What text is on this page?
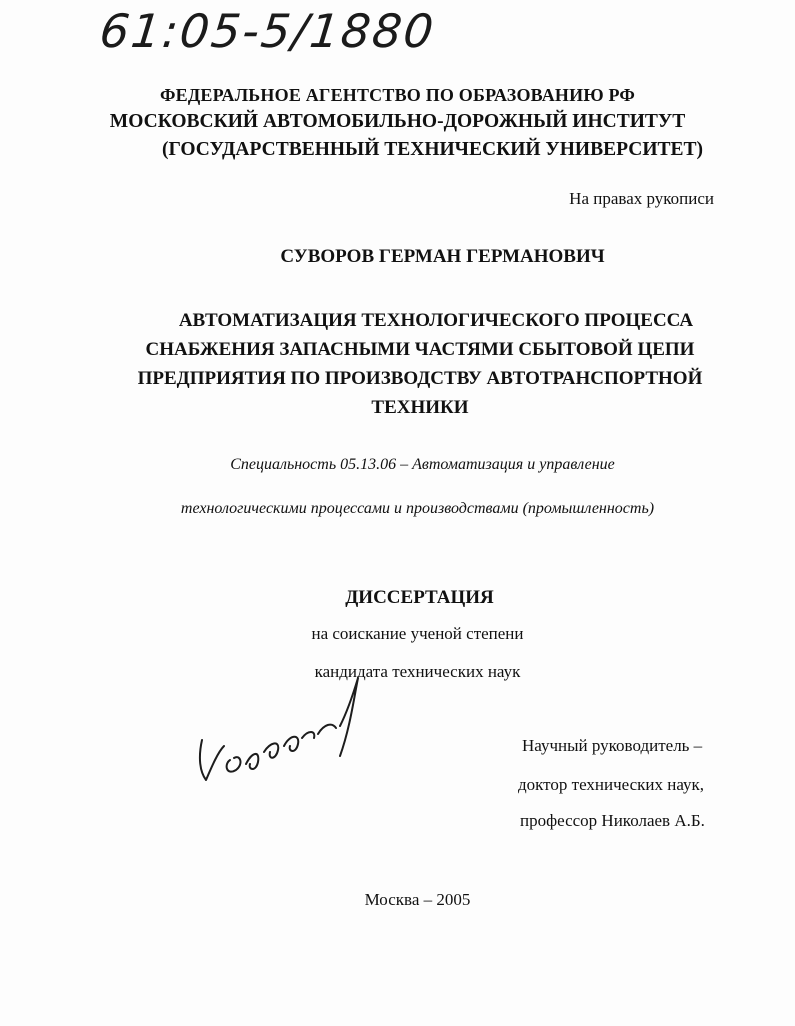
61:05-5/1880
ФЕДЕРАЛЬНОЕ АГЕНТСТВО ПО ОБРАЗОВАНИЮ РФ
МОСКОВСКИЙ АВТОМОБИЛЬНО-ДОРОЖНЫЙ ИНСТИТУТ
(ГОСУДАРСТВЕННЫЙ ТЕХНИЧЕСКИЙ УНИВЕРСИТЕТ)
На правах рукописи
СУВОРОВ ГЕРМАН ГЕРМАНОВИЧ
АВТОМАТИЗАЦИЯ ТЕХНОЛОГИЧЕСКОГО ПРОЦЕССА
СНАБЖЕНИЯ ЗАПАСНЫМИ ЧАСТЯМИ СБЫТОВОЙ ЦЕПИ
ПРЕДПРИЯТИЯ ПО ПРОИЗВОДСТВУ АВТОТРАНСПОРТНОЙ
ТЕХНИКИ
Специальность 05.13.06 – Автоматизация и управление
технологическими процессами и производствами (промышленность)
ДИССЕРТАЦИЯ
на соискание ученой степени
кандидата технических наук
Научный руководитель –
доктор технических наук,
профессор Николаев А.Б.
Москва – 2005
